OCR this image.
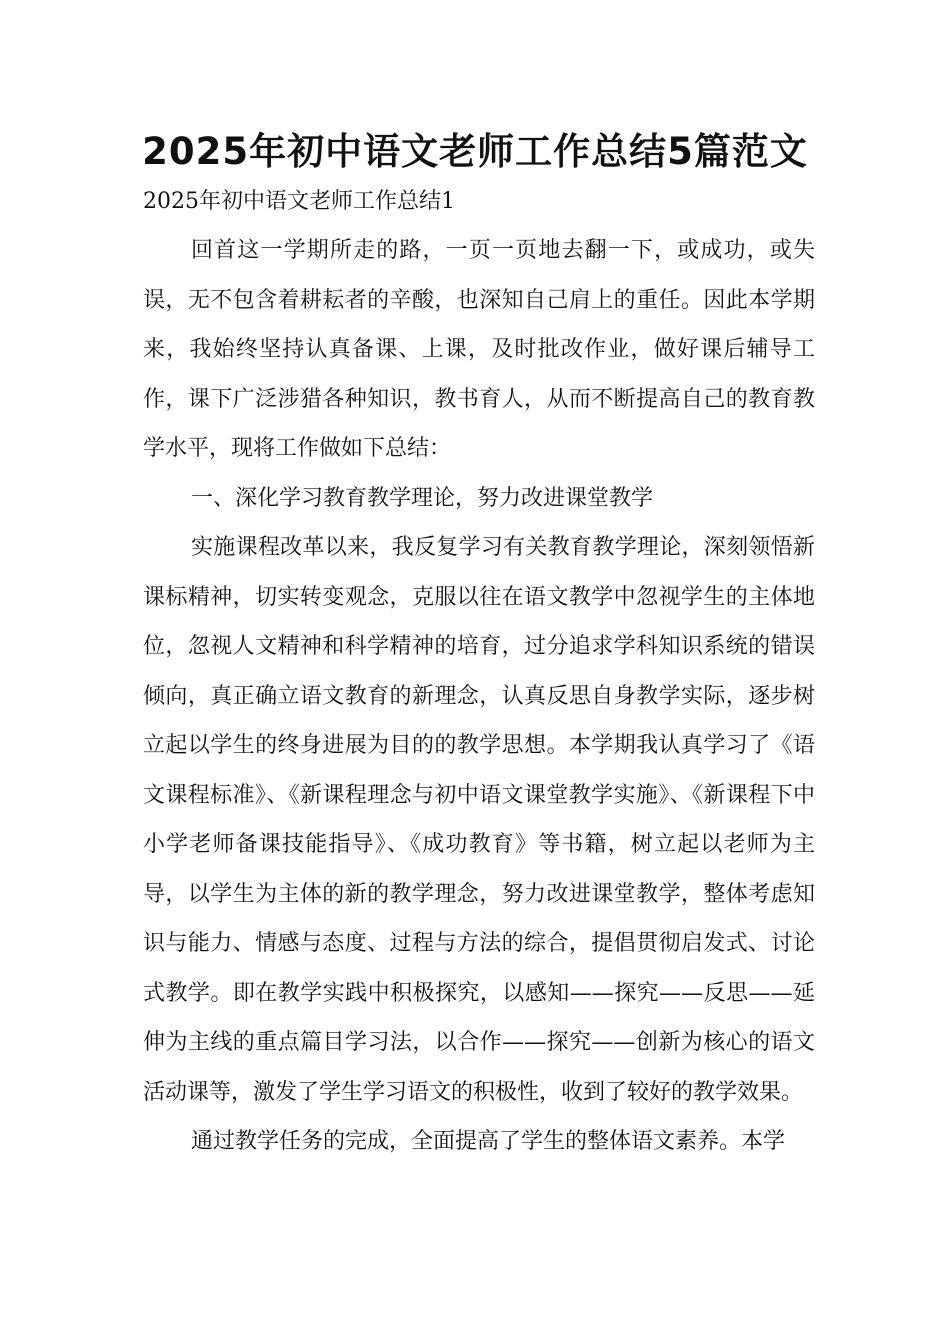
2025年初中语文老师工作总结5篇范文

2025年初中语文老师工作总结1

回首这一学期所走的路，一页一页地去翻一下，或成功，或失误，无不包含着耕耘者的辛酸，也深知自己肩上的重任。因此本学期来，我始终坚持认真备课、上课，及时批改作业，做好课后辅导工作，课下广泛涉猎各种知识，教书育人，从而不断提高自己的教育教学水平，现将工作做如下总结：

一、深化学习教育教学理论，努力改进课堂教学

实施课程改革以来，我反复学习有关教育教学理论，深刻领悟新课标精神，切实转变观念，克服以往在语文教学中忽视学生的主体地位，忽视人文精神和科学精神的培育，过分追求学科知识系统的错误倾向，真正确立语文教育的新理念，认真反思自身教学实际，逐步树立起以学生的终身进展为目的的教学思想。本学期我认真学习了《语文课程标准》、《新课程理念与初中语文课堂教学实施》、《新课程下中小学老师备课技能指导》、《成功教育》等书籍，树立起以老师为主导，以学生为主体的新的教学理念，努力改进课堂教学，整体考虑知识与能力、情感与态度、过程与方法的综合，提倡贯彻启发式、讨论式教学。即在教学实践中积极探究，以感知——探究——反思——延伸为主线的重点篇目学习法，以合作——探究——创新为核心的语文活动课等，激发了学生学习语文的积极性，收到了较好的教学效果。

通过教学任务的完成，全面提高了学生的整体语文素养。本学
